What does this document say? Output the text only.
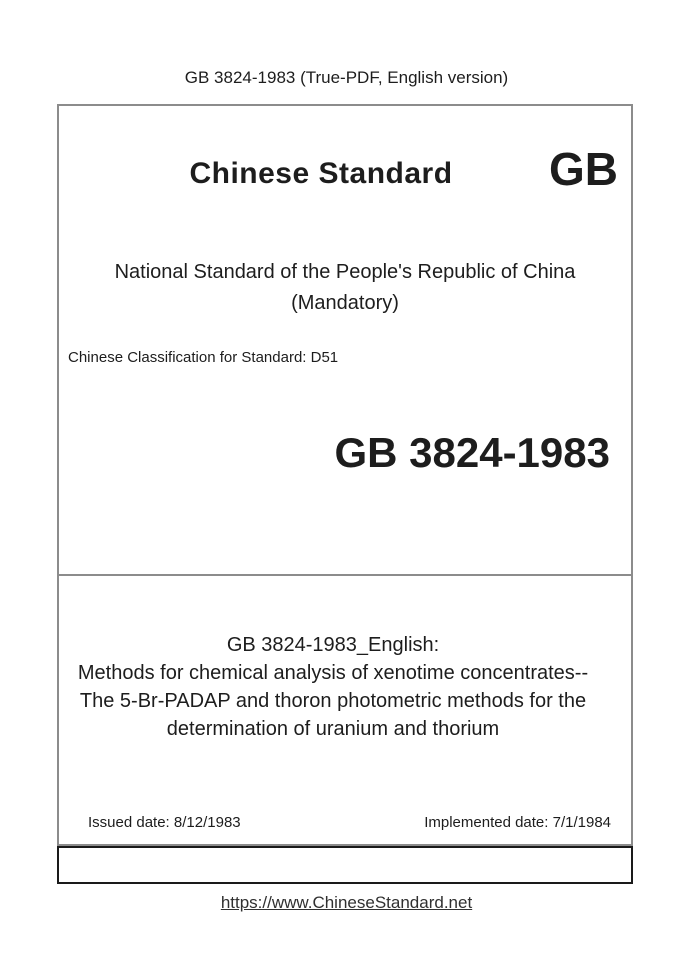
GB 3824-1983 (True-PDF, English version)
Chinese Standard	GB
National Standard of the People's Republic of China
(Mandatory)
Chinese Classification for Standard: D51
GB 3824-1983
GB 3824-1983_English:
Methods for chemical analysis of xenotime concentrates--
The 5-Br-PADAP and thoron photometric methods for the
determination of uranium and thorium
Issued date: 8/12/1983	Implemented date: 7/1/1984
https://www.ChineseStandard.net
